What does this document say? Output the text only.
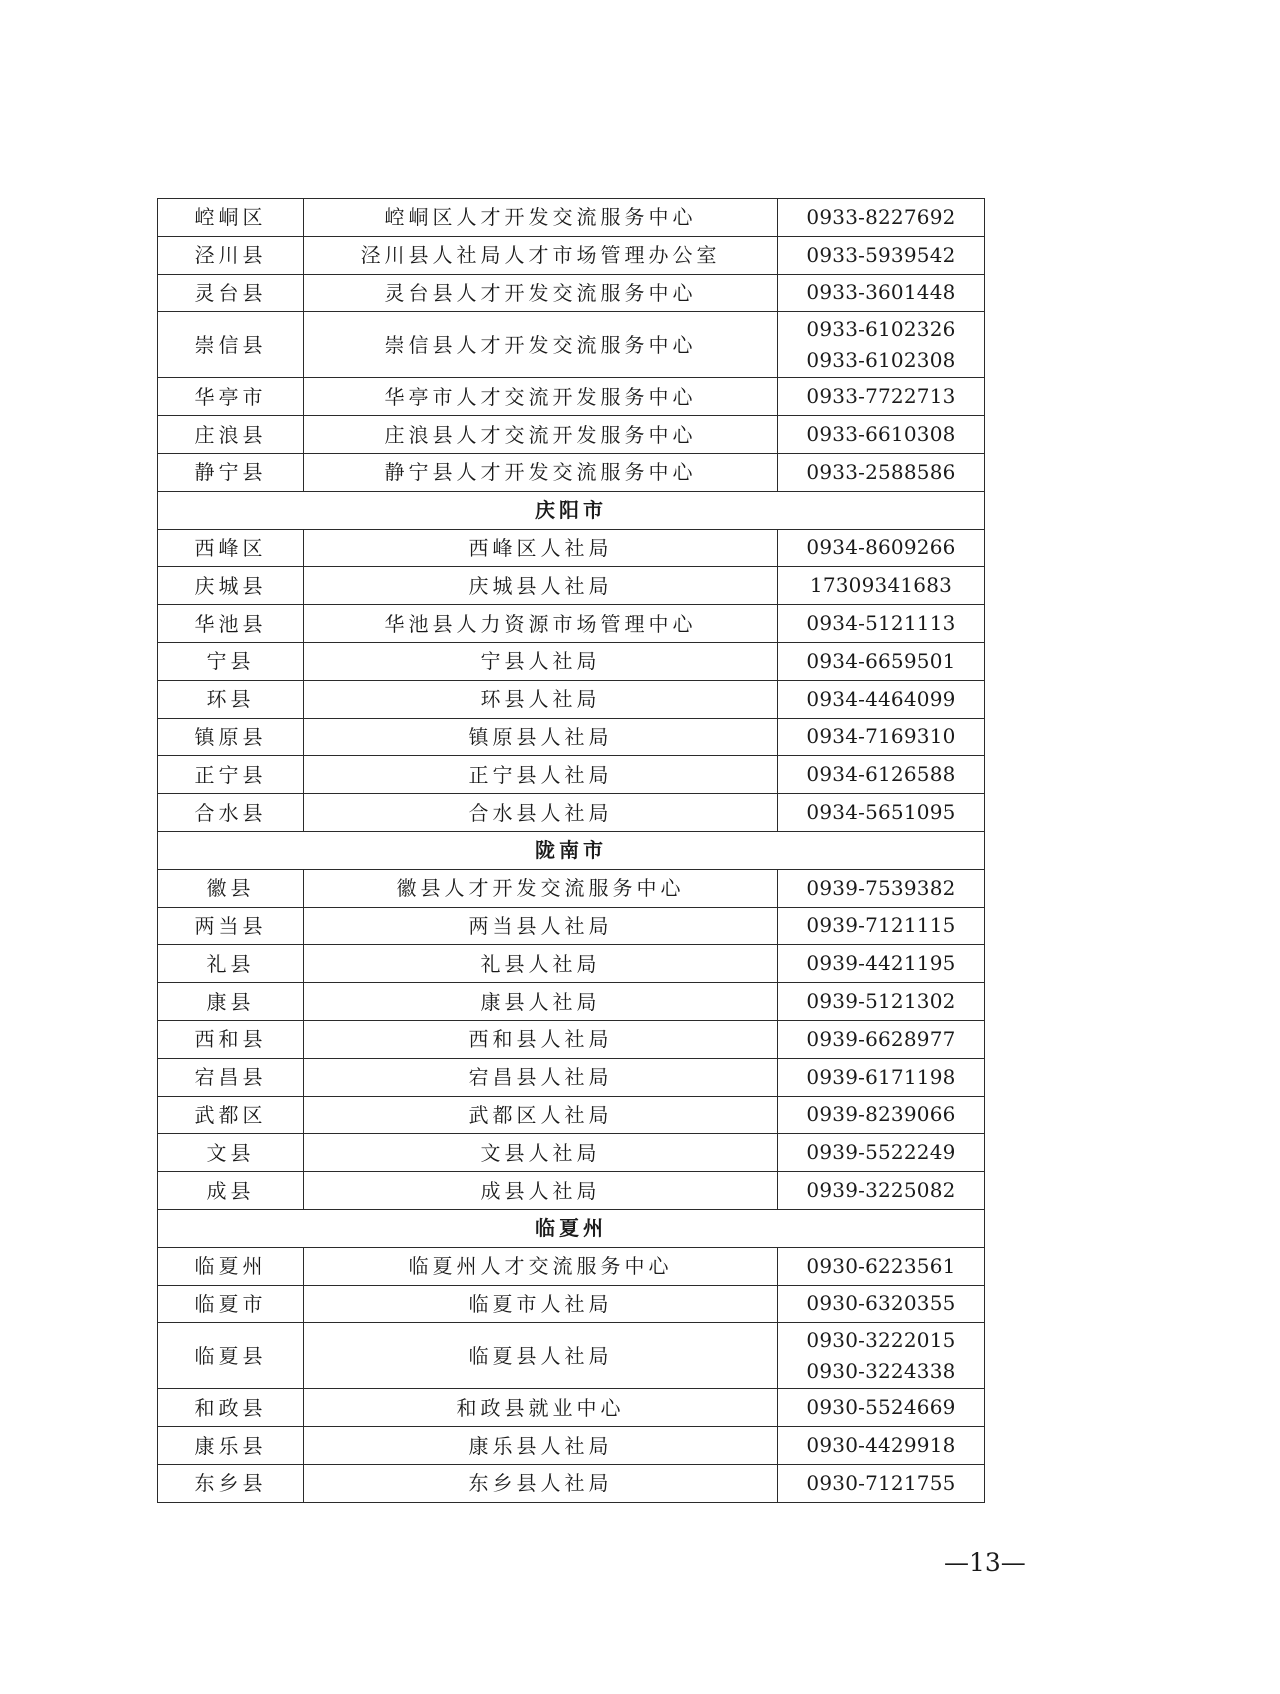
崆峒区	崆峒区人才开发交流服务中心	0933-8227692

泾川县	泾川县人社局人才市场管理办公室	0933-5939542

灵台县	灵台县人才开发交流服务中心	0933-3601448

崇信县	崇信县人才开发交流服务中心	0933-6102326
0933-6102308

华亭市	华亭市人才交流开发服务中心	0933-7722713

庄浪县	庄浪县人才交流开发服务中心	0933-6610308

静宁县	静宁县人才开发交流服务中心	0933-2588586

庆阳市		
西峰区	西峰区人社局	0934-8609266

庆城县	庆城县人社局	17309341683

华池县	华池县人力资源市场管理中心	0934-5121113

宁县	宁县人社局	0934-6659501

环县	环县人社局	0934-4464099

镇原县	镇原县人社局	0934-7169310

正宁县	正宁县人社局	0934-6126588

合水县	合水县人社局	0934-5651095

陇南市		
徽县	徽县人才开发交流服务中心	0939-7539382

两当县	两当县人社局	0939-7121115

礼县	礼县人社局	0939-4421195

康县	康县人社局	0939-5121302

西和县	西和县人社局	0939-6628977

宕昌县	宕昌县人社局	0939-6171198

武都区	武都区人社局	0939-8239066

文县	文县人社局	0939-5522249

成县	成县人社局	0939-3225082

临夏州		
临夏州	临夏州人才交流服务中心	0930-6223561

临夏市	临夏市人社局	0930-6320355

临夏县	临夏县人社局	0930-3222015
0930-3224338

和政县	和政县就业中心	0930-5524669

康乐县	康乐县人社局	0930-4429918

东乡县	东乡县人社局	0930-7121755
—13—
